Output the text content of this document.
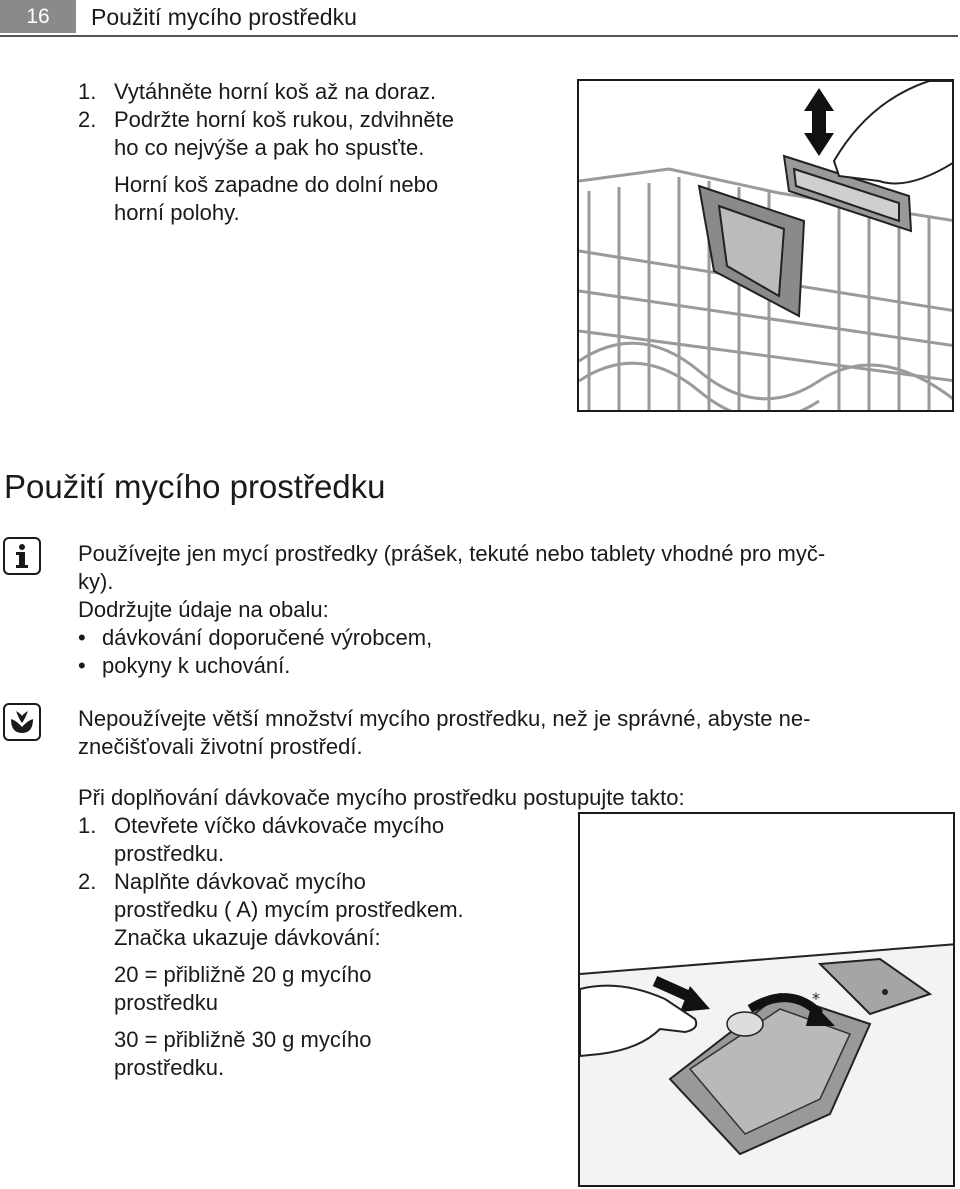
16	Použití mycího prostředku
1. Vytáhněte horní koš až na doraz.
2. Podržte horní koš rukou, zdvihněte
ho co nejvýše a pak ho spusťte.
Horní koš zapadne do dolní nebo
horní polohy.
Použití mycího prostředku
Používejte jen mycí prostředky (prášek, tekuté nebo tablety vhodné pro myč-
ky).
Dodržujte údaje na obalu:
• dávkování doporučené výrobcem,
• pokyny k uchování.
Nepoužívejte větší množství mycího prostředku, než je správné, abyste ne-
znečišťovali životní prostředí.
Při doplňování dávkovače mycího prostředku postupujte takto:
1. Otevřete víčko dávkovače mycího
prostředku.
2. Naplňte dávkovač mycího
prostředku ( A) mycím prostředkem.
Značka ukazuje dávkování:
20 = přibližně 20 g mycího
prostředku
30 = přibližně 30 g mycího
prostředku.
*
